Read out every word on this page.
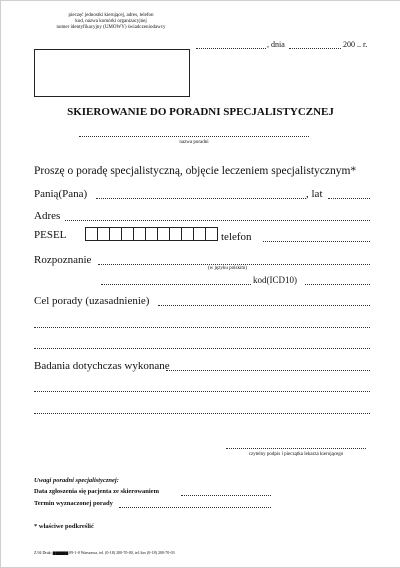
pieczęć jednostki kierującej, adres, telefon
kod, nazwa komórki organizacyjnej
numer identyfikacyjny (UMOWY) świadczeniodawcy
, dnia	200 .. r.
SKIEROWANIE DO PORADNI SPECJALISTYCZNEJ
nazwa poradni
Proszę o poradę specjalistyczną, objęcie leczeniem specjalistycznym*
Panią(Pana)	, lat
Adres
PESEL	telefon
Rozpoznanie
(w języku polskim)
kod(ICD10)
Cel porady (uzasadnienie)
Badania dotychczas wykonane
czytelny podpis i pieczątka lekarza kierującego
Uwagi poradni specjalistycznej:
Data zgłoszenia się pacjenta ze skierowaniem
Termin wyznaczonej porady
* właściwe podkreślić
Z.94 Druk: ▆▆▆▆▆ 09-1-0 Warszawa, tel. (0-18) 200-70-00, tel./fax (0-18) 200-70-03
